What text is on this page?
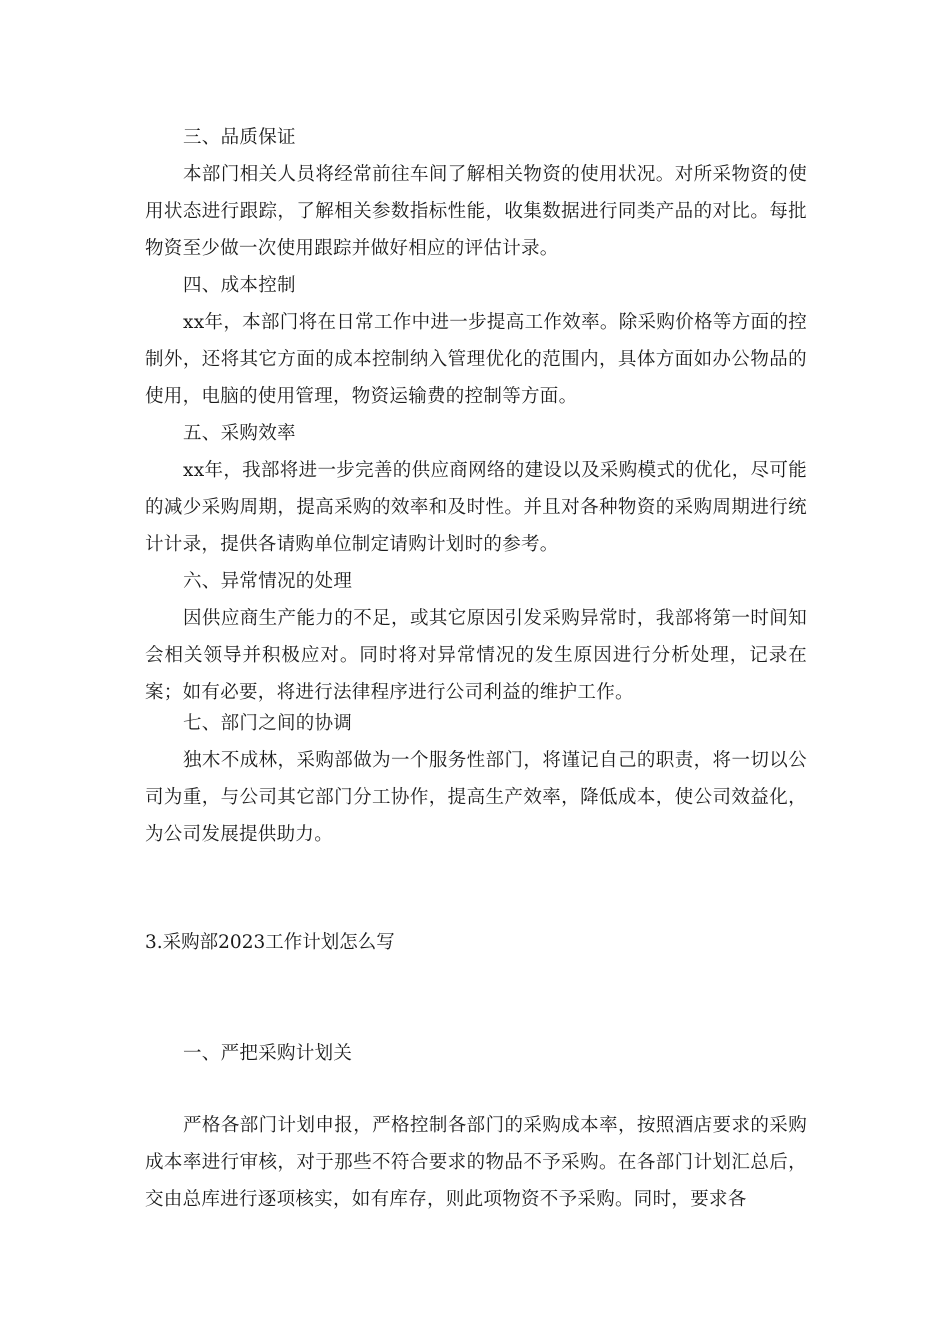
三、品质保证

本部门相关人员将经常前往车间了解相关物资的使用状况。对所采物资的使用状态进行跟踪，了解相关参数指标性能，收集数据进行同类产品的对比。每批物资至少做一次使用跟踪并做好相应的评估计录。

四、成本控制

xx年，本部门将在日常工作中进一步提高工作效率。除采购价格等方面的控制外，还将其它方面的成本控制纳入管理优化的范围内，具体方面如办公物品的使用，电脑的使用管理，物资运输费的控制等方面。

五、采购效率

xx年，我部将进一步完善的供应商网络的建设以及采购模式的优化，尽可能的减少采购周期，提高采购的效率和及时性。并且对各种物资的采购周期进行统计计录，提供各请购单位制定请购计划时的参考。

六、异常情况的处理

因供应商生产能力的不足，或其它原因引发采购异常时，我部将第一时间知会相关领导并积极应对。同时将对异常情况的发生原因进行分析处理，记录在案；如有必要，将进行法律程序进行公司利益的维护工作。

七、部门之间的协调

独木不成林，采购部做为一个服务性部门，将谨记自己的职责，将一切以公司为重，与公司其它部门分工协作，提高生产效率，降低成本，使公司效益化，为公司发展提供助力。

3.采购部2023工作计划怎么写

一、严把采购计划关

严格各部门计划申报，严格控制各部门的采购成本率，按照酒店要求的采购成本率进行审核，对于那些不符合要求的物品不予采购。在各部门计划汇总后，交由总库进行逐项核实，如有库存，则此项物资不予采购。同时，要求各
